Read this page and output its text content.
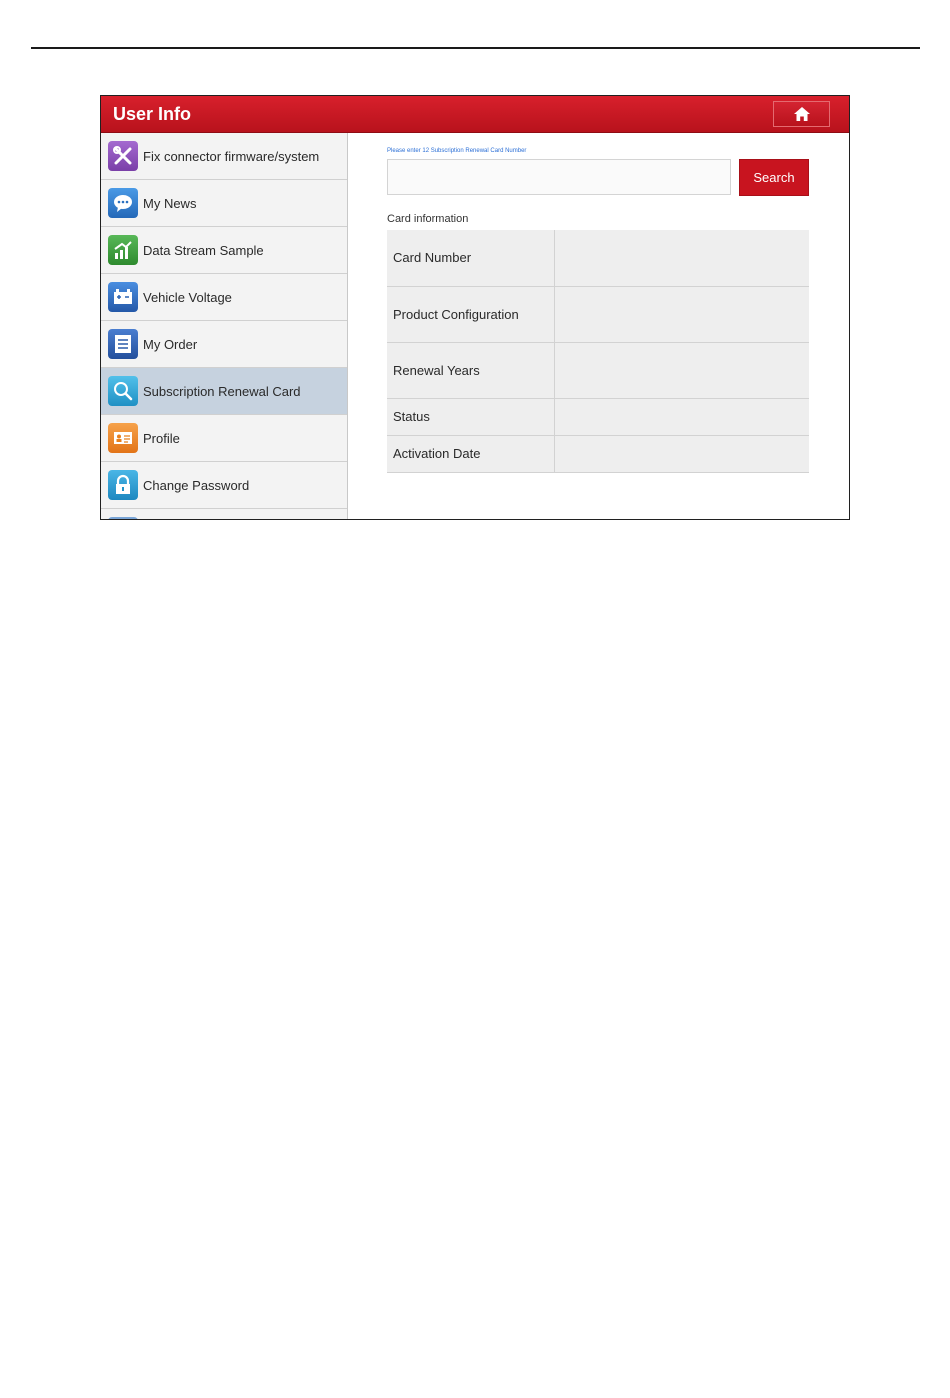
User Info
Fix connector firmware/system
My News
Data Stream Sample
Vehicle Voltage
My Order
Subscription Renewal Card
Profile
Change Password
Please enter 12 Subscription Renewal Card Number
Search
Card information
Card Number	
Product Configuration	
Renewal Years	
Status	
Activation Date	
